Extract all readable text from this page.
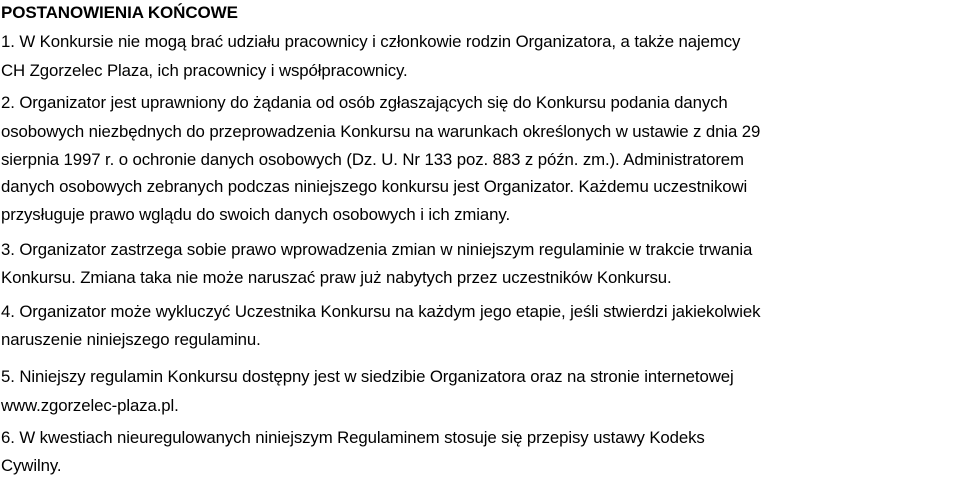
POSTANOWIENIA KOŃCOWE

1. W Konkursie nie mogą brać udziału pracownicy i członkowie rodzin Organizatora, a także najemcy

CH Zgorzelec Plaza, ich pracownicy i współpracownicy.

2. Organizator jest uprawniony do żądania od osób zgłaszających się do Konkursu podania danych

osobowych niezbędnych do przeprowadzenia Konkursu na warunkach określonych w ustawie z dnia 29

sierpnia 1997 r. o ochronie danych osobowych (Dz. U. Nr 133 poz. 883 z późn. zm.). Administratorem

danych osobowych zebranych podczas niniejszego konkursu jest Organizator. Każdemu uczestnikowi

przysługuje prawo wglądu do swoich danych osobowych i ich zmiany.

3. Organizator zastrzega sobie prawo wprowadzenia zmian w niniejszym regulaminie w trakcie trwania

Konkursu. Zmiana taka nie może naruszać praw już nabytych przez uczestników Konkursu.

4. Organizator może wykluczyć Uczestnika Konkursu na każdym jego etapie, jeśli stwierdzi jakiekolwiek

naruszenie niniejszego regulaminu.

5. Niniejszy regulamin Konkursu dostępny jest w siedzibie Organizatora oraz na stronie internetowej

www.zgorzelec-plaza.pl.

6. W kwestiach nieuregulowanych niniejszym Regulaminem stosuje się przepisy ustawy Kodeks

Cywilny.
